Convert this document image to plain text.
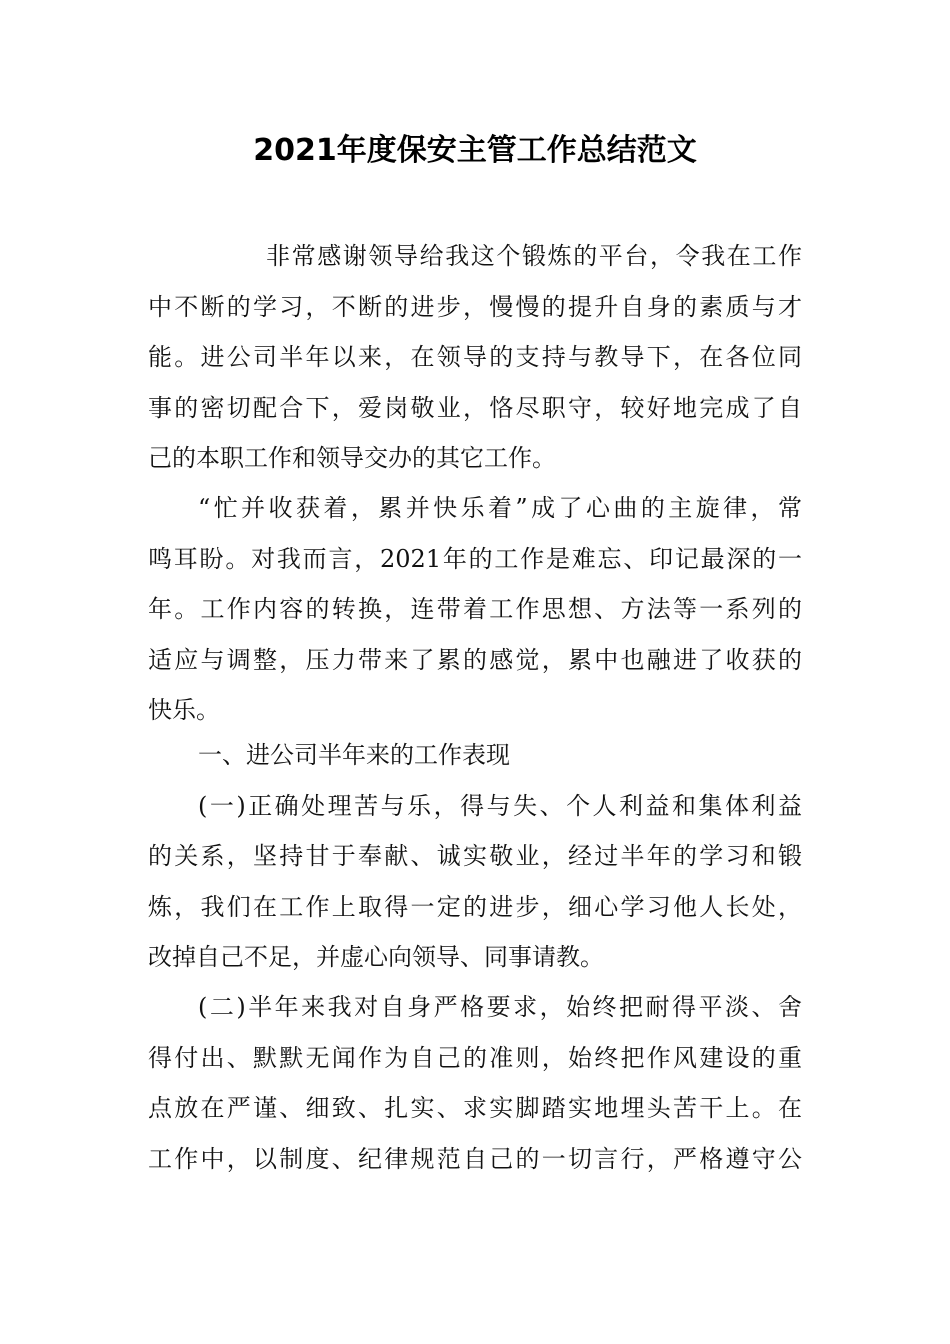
2021年度保安主管工作总结范文
非常感谢领导给我这个锻炼的平台，令我在工作
中不断的学习，不断的进步，慢慢的提升自身的素质与才
能。进公司半年以来，在领导的支持与教导下，在各位同
事的密切配合下，爱岗敬业，恪尽职守，较好地完成了自
己的本职工作和领导交办的其它工作。
“忙并收获着，累并快乐着”成了心曲的主旋律，常
鸣耳盼。对我而言，2021年的工作是难忘、印记最深的一
年。工作内容的转换，连带着工作思想、方法等一系列的
适应与调整，压力带来了累的感觉，累中也融进了收获的
快乐。
一、进公司半年来的工作表现
(一)正确处理苦与乐，得与失、个人利益和集体利益
的关系，坚持甘于奉献、诚实敬业，经过半年的学习和锻
炼，我们在工作上取得一定的进步，细心学习他人长处，
改掉自己不足，并虚心向领导、同事请教。
(二)半年来我对自身严格要求，始终把耐得平淡、舍
得付出、默默无闻作为自己的准则，始终把作风建设的重
点放在严谨、细致、扎实、求实脚踏实地埋头苦干上。在
工作中，以制度、纪律规范自己的一切言行，严格遵守公
